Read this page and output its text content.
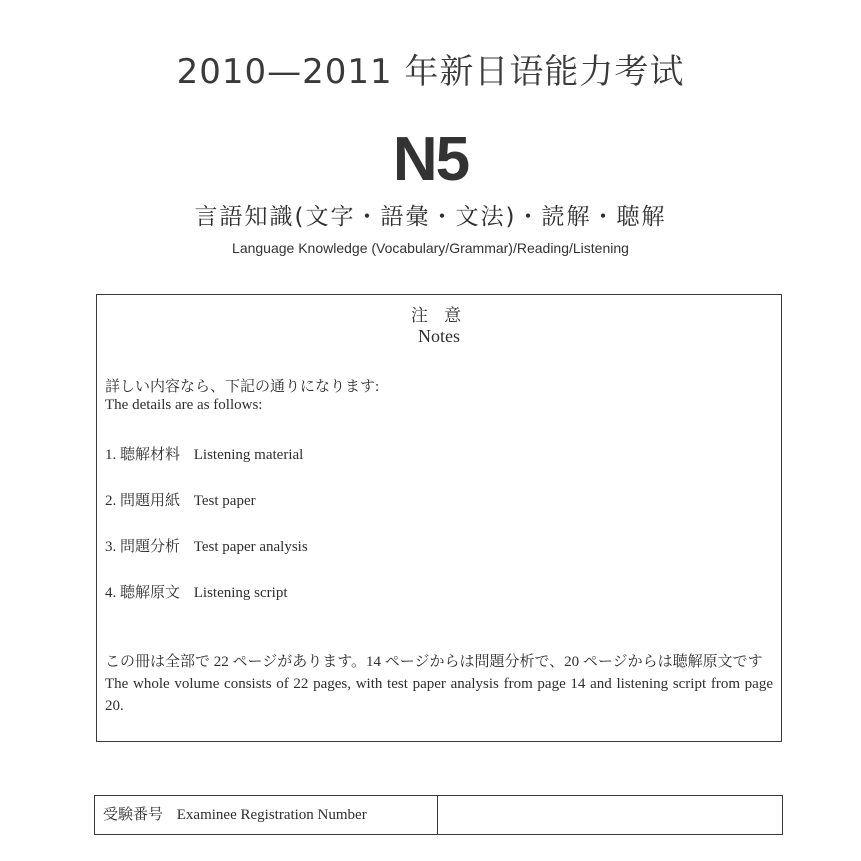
2010—2011 年新日语能力考试
N5
言語知識(文字・語彙・文法)・読解・聴解
Language Knowledge (Vocabulary/Grammar)/Reading/Listening
注 意
Notes
詳しい内容なら、下記の通りになります:
The details are as follows:
1. 聴解材料 Listening material
2. 問題用紙 Test paper
3. 問題分析 Test paper analysis
4. 聴解原文 Listening script
この冊は全部で 22 ページがあります。14 ページからは問題分析で、20 ページからは聴解原文です
The whole volume consists of 22 pages, with test paper analysis from page 14 and listening script from page 20.
受験番号 Examinee Registration Number
